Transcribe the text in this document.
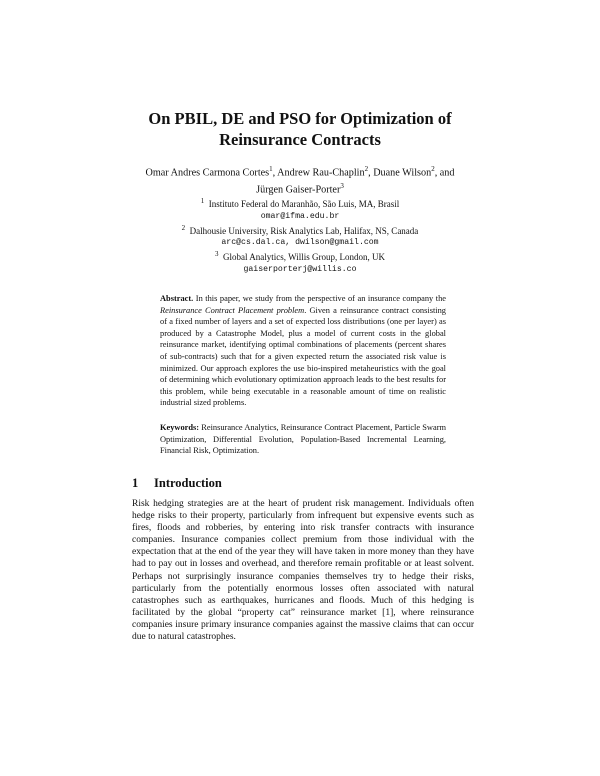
On PBIL, DE and PSO for Optimization of
Reinsurance Contracts
Omar Andres Carmona Cortes$^1$, Andrew Rau-Chaplin$^2$, Duane Wilson$^2$, and
Jürgen Gaiser-Porter$^3$
$^1$ Instituto Federal do Maranhão, São Luis, MA, Brasil
omar@ifma.edu.br
$^2$ Dalhousie University, Risk Analytics Lab, Halifax, NS, Canada
arc@cs.dal.ca, dwilson@gmail.com
$^3$ Global Analytics, Willis Group, London, UK
gaiserporterj@willis.co
Abstract. In this paper, we study from the perspective of an insurance company the Reinsurance Contract Placement problem. Given a reinsurance contract consisting of a fixed number of layers and a set of expected loss distributions (one per layer) as produced by a Catastrophe Model, plus a model of current costs in the global reinsurance market, identifying optimal combinations of placements (percent shares of sub-contracts) such that for a given expected return the associated risk value is minimized. Our approach explores the use bio-inspired metaheuristics with the goal of determining which evolutionary optimization approach leads to the best results for this problem, while being executable in a reasonable amount of time on realistic industrial sized problems.
Keywords: Reinsurance Analytics, Reinsurance Contract Placement, Particle Swarm Optimization, Differential Evolution, Population-Based Incremental Learning, Financial Risk, Optimization.
1 Introduction
Risk hedging strategies are at the heart of prudent risk management. Individuals often hedge risks to their property, particularly from infrequent but expensive events such as fires, floods and robberies, by entering into risk transfer contracts with insurance companies. Insurance companies collect premium from those individual with the expectation that at the end of the year they will have taken in more money than they have had to pay out in losses and overhead, and therefore remain profitable or at least solvent. Perhaps not surprisingly insurance companies themselves try to hedge their risks, particularly from the potentially enormous losses often associated with natural catastrophes such as earthquakes, hurricanes and floods. Much of this hedging is facilitated by the global “property cat” reinsurance market [1], where reinsurance companies insure primary insurance companies against the massive claims that can occur due to natural catastrophes.
